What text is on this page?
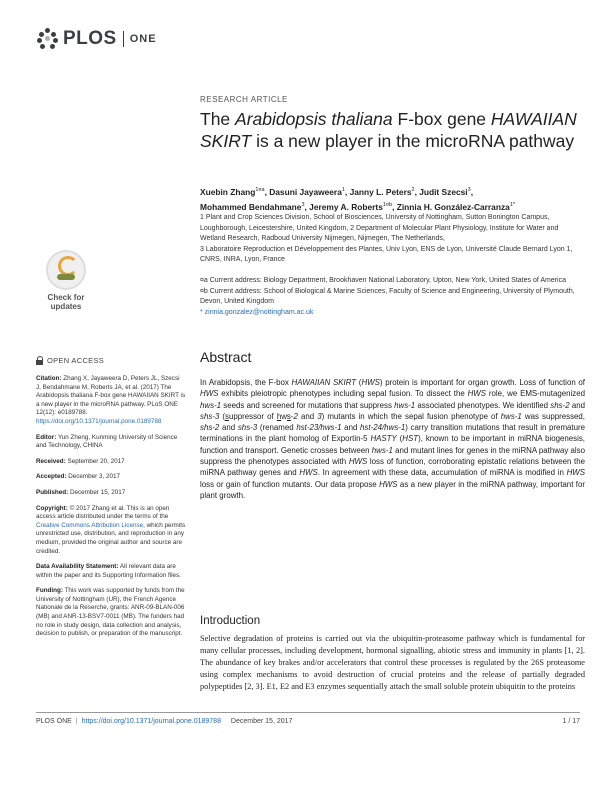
PLOS ONE
RESEARCH ARTICLE
The Arabidopsis thaliana F-box gene HAWAIIAN SKIRT is a new player in the microRNA pathway
Xuebin Zhang$^{1¤a}$, Dasuni Jayaweera$^1$, Janny L. Peters$^2$, Judit Szecsi$^3$,
Mohammed Bendahmane$^3$, Jeremy A. Roberts$^{1¤b}$, Zinnia H. González-Carranza$^{1*}$

1 Plant and Crop Sciences Division, School of Biosciences, University of Nottingham, Sutton Bonington Campus, Loughborough, Leicestershire, United Kingdom, 2 Department of Molecular Plant Physiology, Institute for Water and Wetland Research, Radboud University Nijmegen, Nijmegen, The Netherlands,

3 Laboratoire Reproduction et Développement des Plantes, Univ Lyon, ENS de Lyon, Université Claude Bernard Lyon 1, CNRS, INRA, Lyon, France

¤a Current address: Biology Department, Brookhaven National Laboratory, Upton, New York, United States of America

¤b Current address: School of Biological & Marine Sciences, Faculty of Science and Engineering, University of Plymouth, Devon, United Kingdom

* zinnia.gonzalez@nottingham.ac.uk

Check for
updates
OPEN ACCESS

Citation: Zhang X, Jayaweera D, Peters JL, Szecsi J, Bendahmane M, Roberts JA, et al. (2017) The Arabidopsis thaliana F-box gene HAWAIIAN SKIRT is a new player in the microRNA pathway. PLoS ONE 12(12): e0189788. https://doi.org/10.1371/journal.pone.0189788

Editor: Yun Zheng, Kunming University of Science and Technology, CHINA

Received: September 20, 2017

Accepted: December 3, 2017

Published: December 15, 2017

Copyright: © 2017 Zhang et al. This is an open access article distributed under the terms of the Creative Commons Attribution License, which permits unrestricted use, distribution, and reproduction in any medium, provided the original author and source are credited.

Data Availability Statement: All relevant data are within the paper and its Supporting Information files.

Funding: This work was supported by funds from the University of Nottingham (UR), the French Agence Nationale de la Reserche, grants: ANR-09-BLAN-006 (MB) and ANR-13-BSV7-0011 (MB). The funders had no role in study design, data collection and analysis, decision to publish, or preparation of the manuscript.

Abstract

In Arabidopsis, the F-box HAWAIIAN SKIRT (HWS) protein is important for organ growth. Loss of function of HWS exhibits pleiotropic phenotypes including sepal fusion. To dissect the HWS role, we EMS-mutagenized hws-1 seeds and screened for mutations that suppress hws-1 associated phenotypes. We identified shs-2 and shs-3 (suppressor of hws-2 and 3) mutants in which the sepal fusion phenotype of hws-1 was suppressed, shs-2 and shs-3 (renamed hst-23/hws-1 and hst-24/hws-1) carry transition mutations that result in premature terminations in the plant homolog of Exportin-5 HASTY (HST), known to be important in miRNA biogenesis, function and transport. Genetic crosses between hws-1 and mutant lines for genes in the miRNA pathway also suppress the phenotypes associated with HWS loss of function, corroborating epistatic relations between the miRNA pathway genes and HWS. In agreement with these data, accumulation of miRNA is modified in HWS loss or gain of function mutants. Our data propose HWS as a new player in the miRNA pathway, important for plant growth.

Introduction

Selective degradation of proteins is carried out via the ubiquitin-proteasome pathway which is fundamental for many cellular processes, including development, hormonal signalling, abiotic stress and immunity in plants [1, 2]. The abundance of key brakes and/or accelerators that control these processes is regulated by the 26S proteasome using complex mechanisms to avoid destruction of crucial proteins and the release of partially degraded polypeptides [2, 3]. E1, E2 and E3 enzymes sequentially attach the small soluble protein ubiquitin to the proteins

PLOS ONE | https://doi.org/10.1371/journal.pone.0189788
December 15, 2017	1 / 17
